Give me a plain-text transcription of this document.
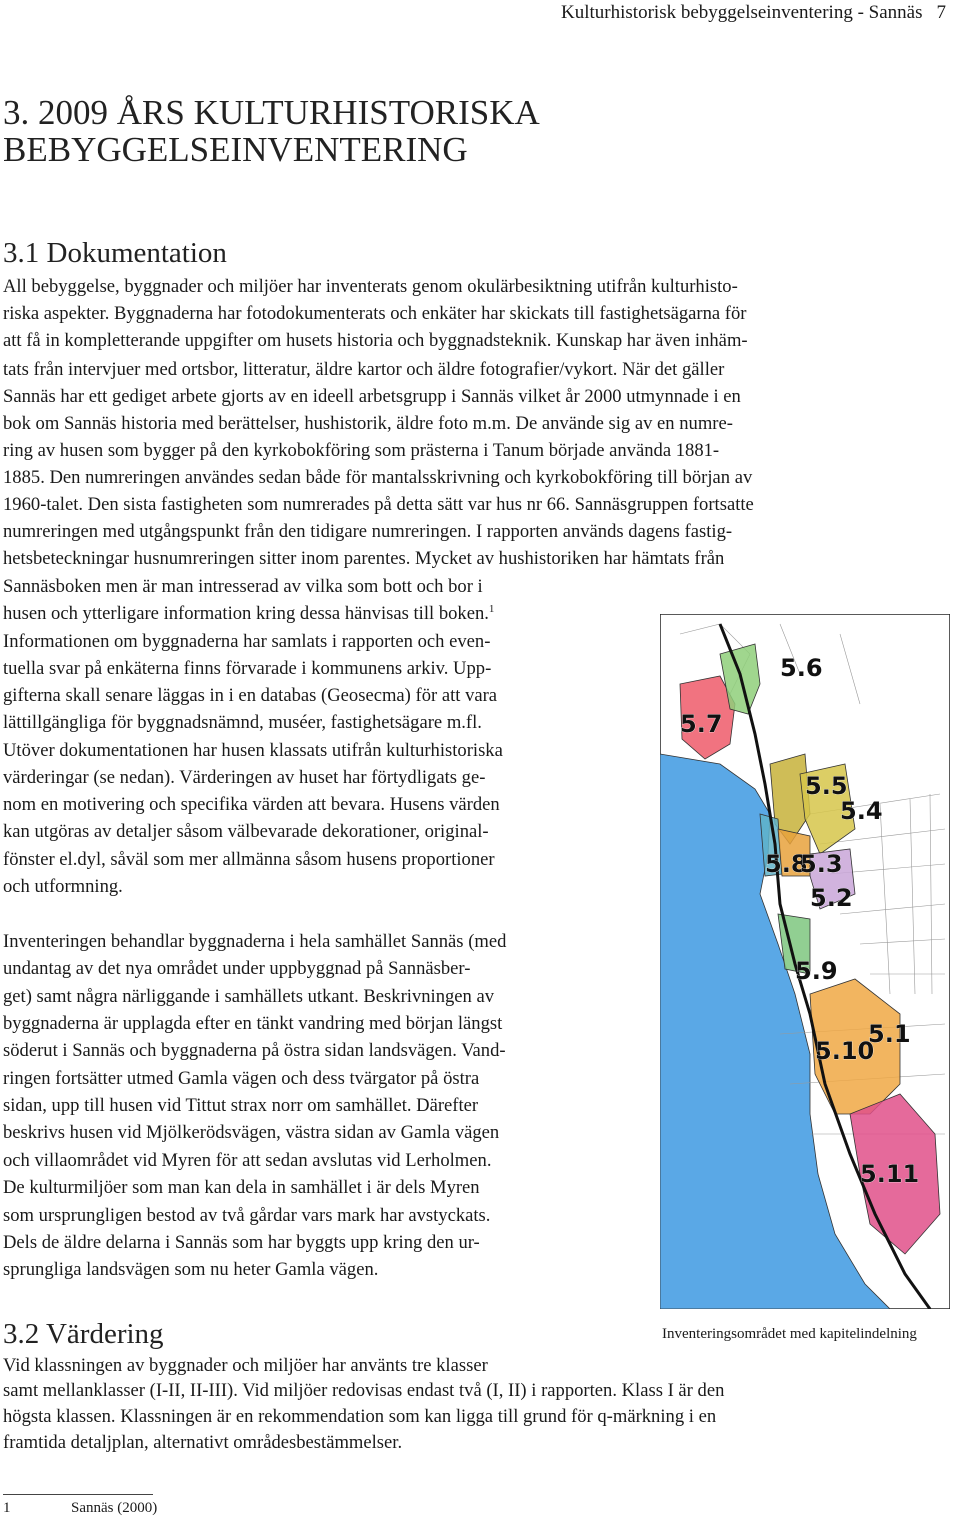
Kulturhistorisk bebyggelseinventering - Sannäs 7
3. 2009 ÅRS KULTURHISTORISKA
BEBYGGELSEINVENTERING
3.1 Dokumentation
All bebyggelse, byggnader och miljöer har inventerats genom okulärbesiktning utifrån kulturhisto-
riska aspekter. Byggnaderna har fotodokumenterats och enkäter har skickats till fastighetsägarna för
att få in kompletterande uppgifter om husets historia och byggnadsteknik. Kunskap har även inhäm-
tats från intervjuer med ortsbor, litteratur, äldre kartor och äldre fotografier/vykort. När det gäller
Sannäs har ett gediget arbete gjorts av en ideell arbetsgrupp i Sannäs vilket år 2000 utmynnade i en
bok om Sannäs historia med berättelser, hushistorik, äldre foto m.m. De använde sig av en numre-
ring av husen som bygger på den kyrkobokföring som prästerna i Tanum började använda 1881-
1885. Den numreringen användes sedan både för mantalsskrivning och kyrkobokföring till början av
1960-talet. Den sista fastigheten som numrerades på detta sätt var hus nr 66. Sannäsgruppen fortsatte
numreringen med utgångspunkt från den tidigare numreringen. I rapporten används dagens fastig-
hetsbeteckningar husnumreringen sitter inom parentes. Mycket av hushistoriken har hämtats från
Sannäsboken men är man intresserad av vilka som bott och bor i
husen och ytterligare information kring dessa hänvisas till boken.$^1$
Informationen om byggnaderna har samlats i rapporten och even-
tuella svar på enkäterna finns förvarade i kommunens arkiv. Upp-
gifterna skall senare läggas in i en databas (Geosecma) för att vara
lättillgängliga för byggnadsnämnd, muséer, fastighetsägare m.fl.
Utöver dokumentationen har husen klassats utifrån kulturhistoriska
värderingar (se nedan). Värderingen av huset har förtydligats ge-
nom en motivering och specifika värden att bevara. Husens värden
kan utgöras av detaljer såsom välbevarade dekorationer, original-
fönster el.dyl, såväl som mer allmänna såsom husens proportioner
och utformning.
Inventeringen behandlar byggnaderna i hela samhället Sannäs (med
undantag av det nya området under uppbyggnad på Sannäsber-
get) samt några närliggande i samhällets utkant. Beskrivningen av
byggnaderna är upplagda efter en tänkt vandring med början längst
söderut i Sannäs och byggnaderna på östra sidan landsvägen. Vand-
ringen fortsätter utmed Gamla vägen och dess tvärgator på östra
sidan, upp till husen vid Tittut strax norr om samhället. Därefter
beskrivs husen vid Mjölkerödsvägen, västra sidan av Gamla vägen
och villaområdet vid Myren för att sedan avslutas vid Lerholmen.
De kulturmiljöer som man kan dela in samhället i är dels Myren
som ursprungligen bestod av två gårdar vars mark har avstyckats.
Dels de äldre delarna i Sannäs som har byggts upp kring den ur-
sprungliga landsvägen som nu heter Gamla vägen.
5.6
5.7
5.5
5.4
5.8
5.3
5.2
5.9
5.1
5.10
5.11
Inventeringsområdet med kapitelindelning
3.2 Värdering
Vid klassningen av byggnader och miljöer har använts tre klasser
samt mellanklasser (I-II, II-III). Vid miljöer redovisas endast två (I, II) i rapporten. Klass I är den
högsta klassen. Klassningen är en rekommendation som kan ligga till grund för q-märkning i en
framtida detaljplan, alternativt områdesbestämmelser.
1	Sannäs (2000)
